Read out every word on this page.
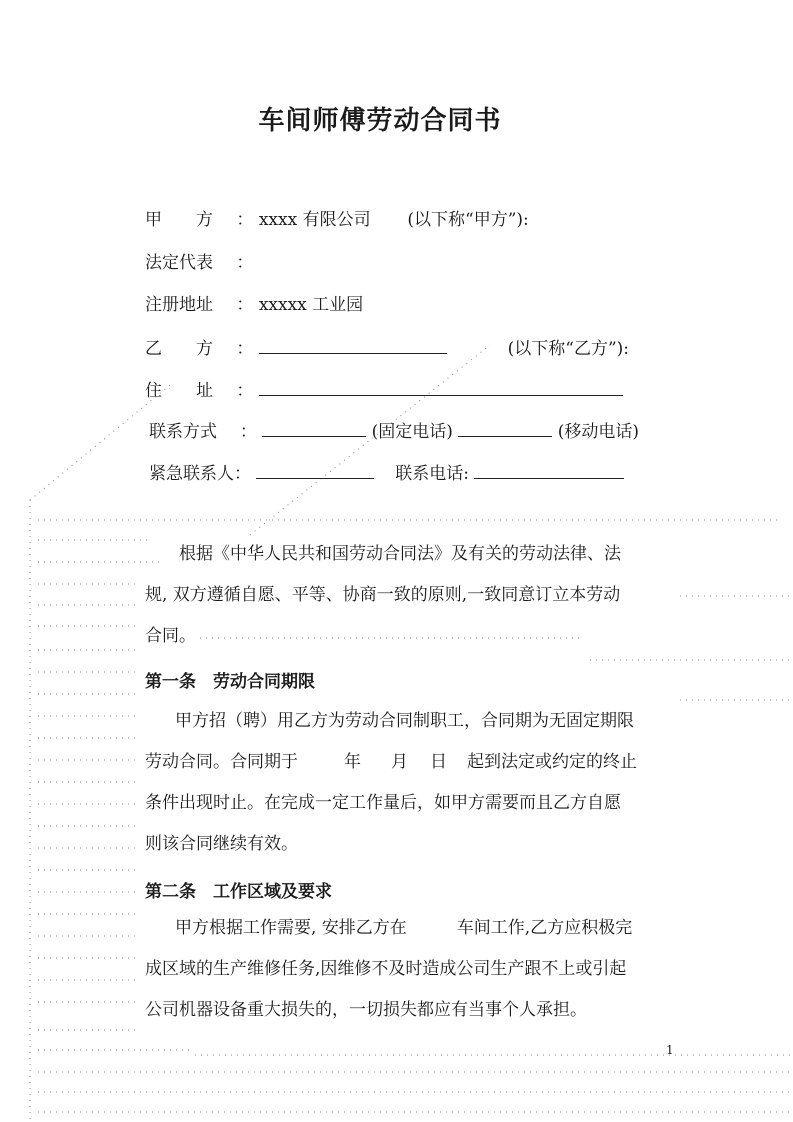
车间师傅劳动合同书
甲　　方 ： xxxx 有限公司 (以下称“甲方”):
法定代表 ：
注册地址 ： xxxxx 工业园
乙　　方 ：	(以下称“乙方”):
住　　址 ：
联系方式 ：	(固定电话)	(移动电话)
紧急联系人：	联系电话:
根据《中华人民共和国劳动合同法》及有关的劳动法律、法
规, 双方遵循自愿、平等、协商一致的原则,一致同意订立本劳动
合同。
第一条　劳动合同期限
甲方招（聘）用乙方为劳动合同制职工，合同期为无固定期限
劳动合同。合同期于	年 月 日 起到法定或约定的终止
条件出现时止。在完成一定工作量后，如甲方需要而且乙方自愿
则该合同继续有效。
第二条　工作区域及要求
甲方根据工作需要, 安排乙方在	车间工作,乙方应积极完
成区域的生产维修任务,因维修不及时造成公司生产跟不上或引起
公司机器设备重大损失的，一切损失都应有当事个人承担。
1
